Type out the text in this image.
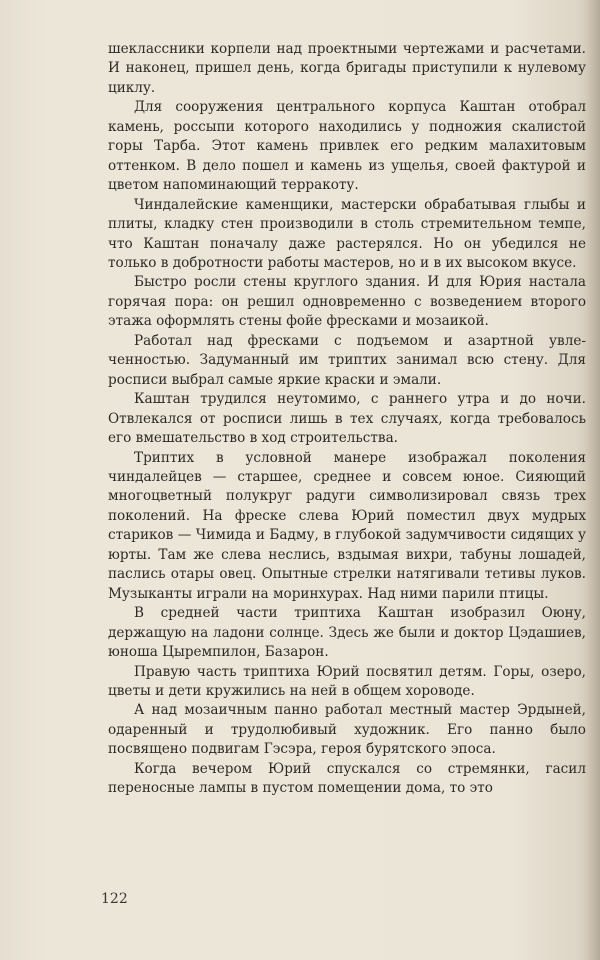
шеклассники корпели над проектными чертежами и расчетами. И наконец, пришел день, когда бригады приступили к нулевому циклу.

Для сооружения центрального корпуса Каштан отобрал камень, россыпи которого находились у подножия скалистой горы Тарба. Этот камень привлек его редким малахитовым оттенком. В дело пошел и камень из ущелья, своей фактурой и цветом напоминающий терракоту.

Чиндалейские каменщики, мастерски обрабатывая глыбы и плиты, кладку стен производили в столь стремительном темпе, что Каштан поначалу даже растерялся. Но он убедился не только в добротности работы мастеров, но и в их высоком вкусе.

Быстро росли стены круглого здания. И для Юрия настала горячая пора: он решил одновременно с возведением второго этажа оформлять стены фойе фресками и мозаикой.

Работал над фресками с подъемом и азартной увлеченностью. Задуманный им триптих занимал всю стену. Для росписи выбрал самые яркие краски и эмали.

Каштан трудился неутомимо, с раннего утра и до ночи. Отвлекался от росписи лишь в тех случаях, когда требовалось его вмешательство в ход строительства.

Триптих в условной манере изображал поколения чиндалейцев — старшее, среднее и совсем юное. Сияющий многоцветный полукруг радуги символизировал связь трех поколений. На фреске слева Юрий поместил двух мудрых стариков — Чимида и Бадму, в глубокой задумчивости сидящих у юрты. Там же слева неслись, вздымая вихри, табуны лошадей, паслись отары овец. Опытные стрелки натягивали тетивы луков. Музыканты играли на моринхурах. Над ними парили птицы.

В средней части триптиха Каштан изобразил Оюну, держащую на ладони солнце. Здесь же были и доктор Цэдашиев, юноша Цыремпилон, Базарон.

Правую часть триптиха Юрий посвятил детям. Горы, озеро, цветы и дети кружились на ней в общем хороводе.

А над мозаичным панно работал местный мастер Эрдыней, одаренный и трудолюбивый художник. Его панно было посвящено подвигам Гэсэра, героя бурятского эпоса.

Когда вечером Юрий спускался со стремянки, гасил переносные лампы в пустом помещении дома, то это

122
